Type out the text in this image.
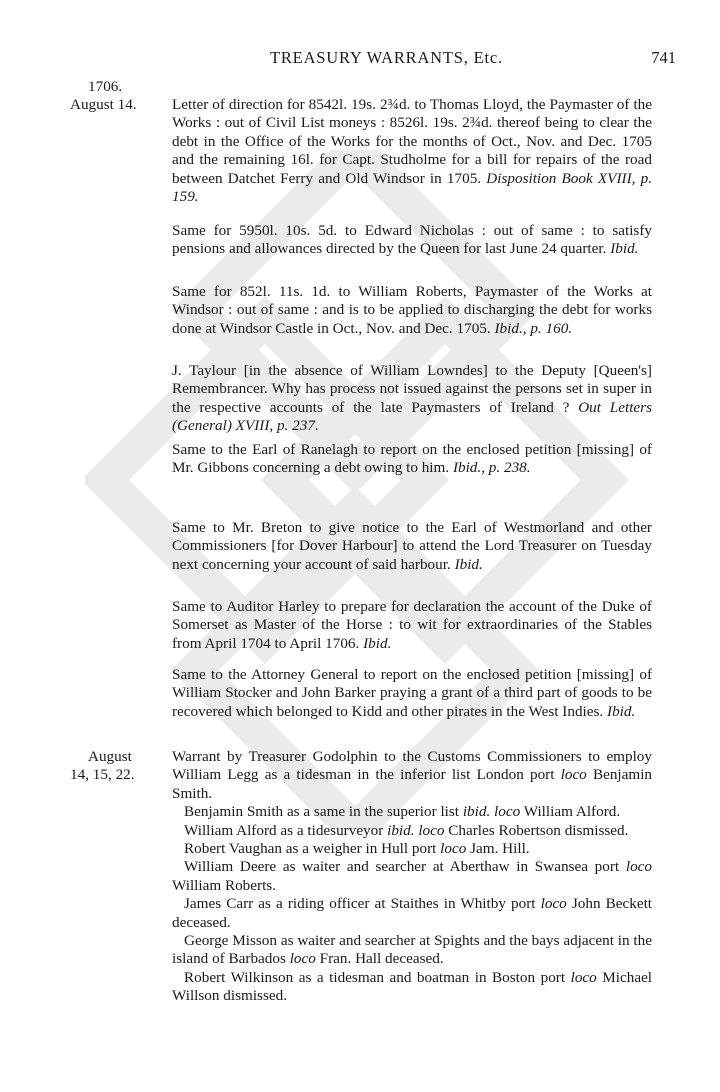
TREASURY WARRANTS, Etc.	741
1706.
August 14.
August
14, 15, 22.
Letter of direction for 8542l. 19s. 2¾d. to Thomas Lloyd, the Paymaster of the Works : out of Civil List moneys : 8526l. 19s. 2¾d. thereof being to clear the debt in the Office of the Works for the months of Oct., Nov. and Dec. 1705 and the remaining 16l. for Capt. Studholme for a bill for repairs of the road between Datchet Ferry and Old Windsor in 1705. Disposition Book XVIII, p. 159.
Same for 5950l. 10s. 5d. to Edward Nicholas : out of same : to satisfy pensions and allowances directed by the Queen for last June 24 quarter. Ibid.
Same for 852l. 11s. 1d. to William Roberts, Paymaster of the Works at Windsor : out of same : and is to be applied to discharging the debt for works done at Windsor Castle in Oct., Nov. and Dec. 1705. Ibid., p. 160.
J. Taylour [in the absence of William Lowndes] to the Deputy [Queen's] Remembrancer. Why has process not issued against the persons set in super in the respective accounts of the late Paymasters of Ireland ? Out Letters (General) XVIII, p. 237.
Same to the Earl of Ranelagh to report on the enclosed petition [missing] of Mr. Gibbons concerning a debt owing to him. Ibid., p. 238.
Same to Mr. Breton to give notice to the Earl of Westmorland and other Commissioners [for Dover Harbour] to attend the Lord Treasurer on Tuesday next concerning your account of said harbour. Ibid.
Same to Auditor Harley to prepare for declaration the account of the Duke of Somerset as Master of the Horse : to wit for extraordinaries of the Stables from April 1704 to April 1706. Ibid.
Same to the Attorney General to report on the enclosed petition [missing] of William Stocker and John Barker praying a grant of a third part of goods to be recovered which belonged to Kidd and other pirates in the West Indies. Ibid.

Warrant by Treasurer Godolphin to the Customs Commissioners to employ William Legg as a tidesman in the inferior list London port loco Benjamin Smith.

Benjamin Smith as a same in the superior list ibid. loco William Alford.

William Alford as a tidesurveyor ibid. loco Charles Robertson dismissed.

Robert Vaughan as a weigher in Hull port loco Jam. Hill.

William Deere as waiter and searcher at Aberthaw in Swansea port loco William Roberts.

James Carr as a riding officer at Staithes in Whitby port loco John Beckett deceased.

George Misson as waiter and searcher at Spights and the bays adjacent in the island of Barbados loco Fran. Hall deceased.

Robert Wilkinson as a tidesman and boatman in Boston port loco Michael Willson dismissed.
